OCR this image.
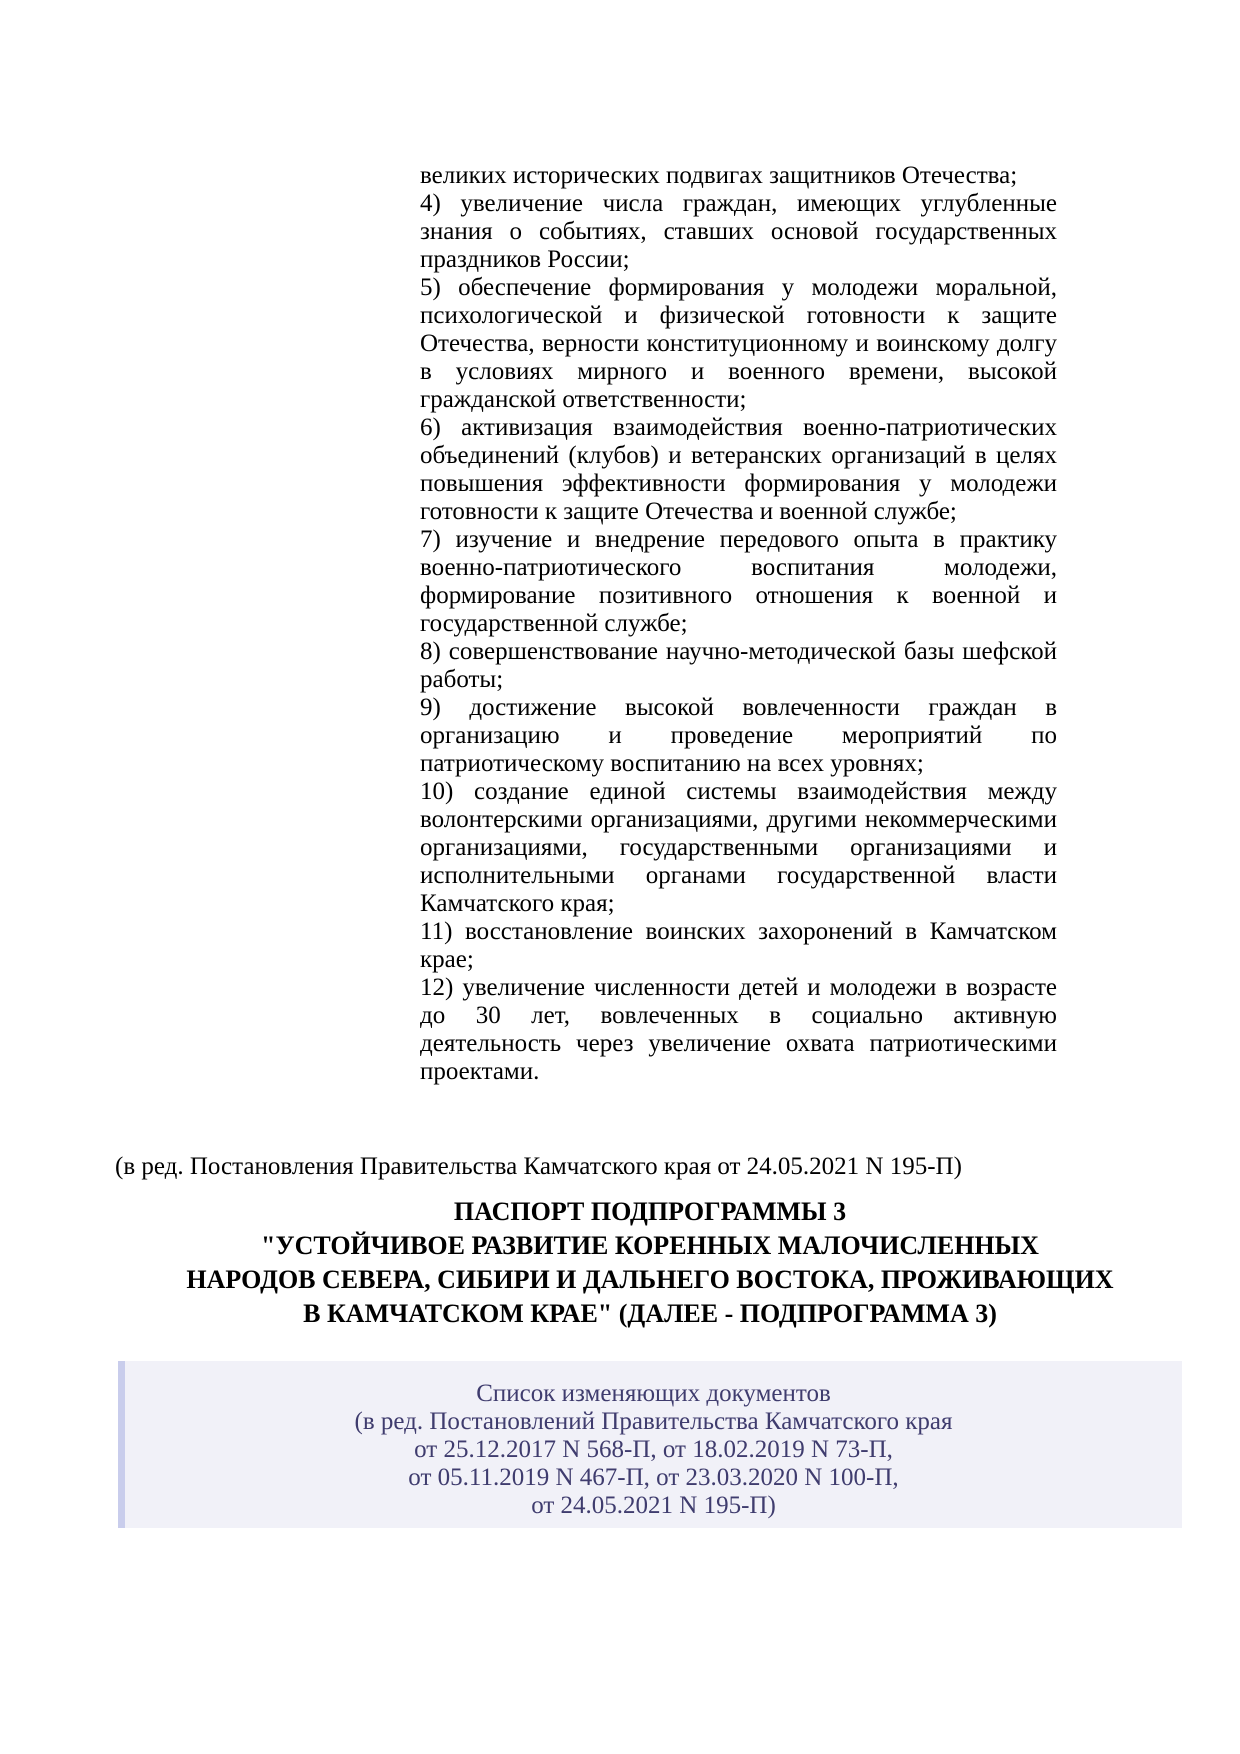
великих исторических подвигах защитников Отечества;

4) увеличение числа граждан, имеющих углубленные знания о событиях, ставших основой государственных праздников России;

5) обеспечение формирования у молодежи моральной, психологической и физической готовности к защите Отечества, верности конституционному и воинскому долгу в условиях мирного и военного времени, высокой гражданской ответственности;

6) активизация взаимодействия военно-патриотических объединений (клубов) и ветеранских организаций в целях повышения эффективности формирования у молодежи готовности к защите Отечества и военной службе;

7) изучение и внедрение передового опыта в практику военно-патриотического воспитания молодежи, формирование позитивного отношения к военной и государственной службе;

8) совершенствование научно-методической базы шефской работы;

9) достижение высокой вовлеченности граждан в организацию и проведение мероприятий по патриотическому воспитанию на всех уровнях;

10) создание единой системы взаимодействия между волонтерскими организациями, другими некоммерческими организациями, государственными организациями и исполнительными органами государственной власти Камчатского края;

11) восстановление воинских захоронений в Камчатском крае;

12) увеличение численности детей и молодежи в возрасте до 30 лет, вовлеченных в социально активную деятельность через увеличение охвата патриотическими проектами.

(в ред. Постановления Правительства Камчатского края от 24.05.2021 N 195-П)

ПАСПОРТ ПОДПРОГРАММЫ 3
"УСТОЙЧИВОЕ РАЗВИТИЕ КОРЕННЫХ МАЛОЧИСЛЕННЫХ
НАРОДОВ СЕВЕРА, СИБИРИ И ДАЛЬНЕГО ВОСТОКА, ПРОЖИВАЮЩИХ
В КАМЧАТСКОМ КРАЕ" (ДАЛЕЕ - ПОДПРОГРАММА 3)
Список изменяющих документов
(в ред. Постановлений Правительства Камчатского края
от 25.12.2017 N 568-П, от 18.02.2019 N 73-П,
от 05.11.2019 N 467-П, от 23.03.2020 N 100-П,
от 24.05.2021 N 195-П)
